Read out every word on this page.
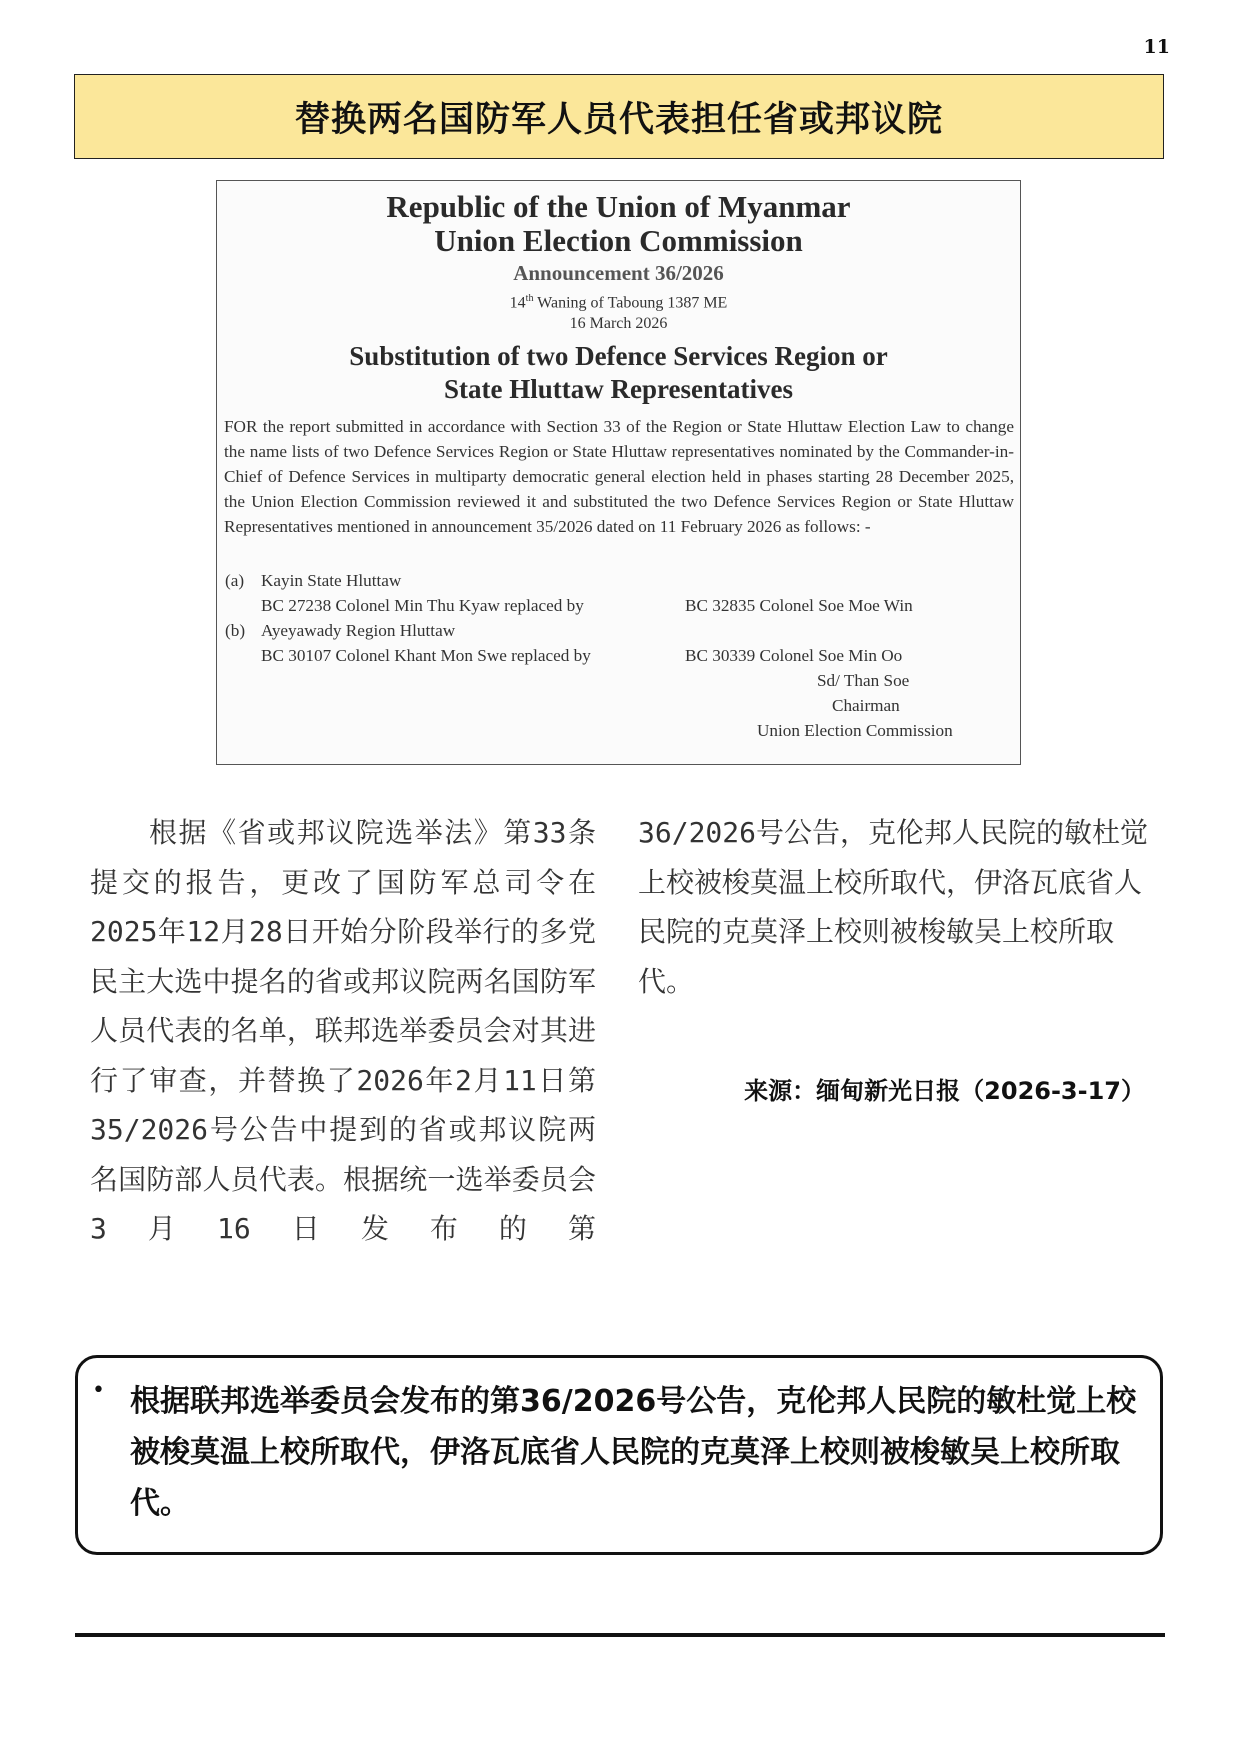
11
替换两名国防军人员代表担任省或邦议院
Republic of the Union of Myanmar
Union Election Commission
Announcement 36/2026
14th Waning of Taboung 1387 ME
16 March 2026
Substitution of two Defence Services Region or
State Hluttaw Representatives

FOR the report submitted in accordance with Section 33 of the Region or State Hluttaw Election Law to change the name lists of two Defence Services Region or State Hluttaw representatives nominated by the Commander-in-Chief of Defence Services in multiparty democratic general election held in phases starting 28 December 2025, the Union Election Commission reviewed it and substituted the two Defence Services Region or State Hluttaw Representatives mentioned in announcement 35/2026 dated on 11 February 2026 as follows: -

(a) Kayin State Hluttaw
BC 27238 Colonel Min Thu Kyaw replaced by	BC 32835 Colonel Soe Moe Win
(b) Ayeyawady Region Hluttaw
BC 30107 Colonel Khant Mon Swe replaced by	BC 30339 Colonel Soe Min Oo
Sd/ Than Soe
Chairman
Union Election Commission

　　根据《省或邦议院选举法》第33条提交的报告，更改了国防军总司令在2025年12月28日开始分阶段举行的多党民主大选中提名的省或邦议院两名国防军人员代表的名单，联邦选举委员会对其进行了审查，并替换了2026年2月11日第35/2026号公告中提到的省或邦议院两名国防部人员代表。根据统一选举委员会3月16日发布的第

36/2026号公告，克伦邦人民院的敏杜觉上校被梭莫温上校所取代，伊洛瓦底省人民院的克莫泽上校则被梭敏吴上校所取代。

来源：缅甸新光日报（2026-3-17）
• 根据联邦选举委员会发布的第36/2026号公告，克伦邦人民院的敏杜觉上校被梭莫温上校所取代，伊洛瓦底省人民院的克莫泽上校则被梭敏吴上校所取代。
